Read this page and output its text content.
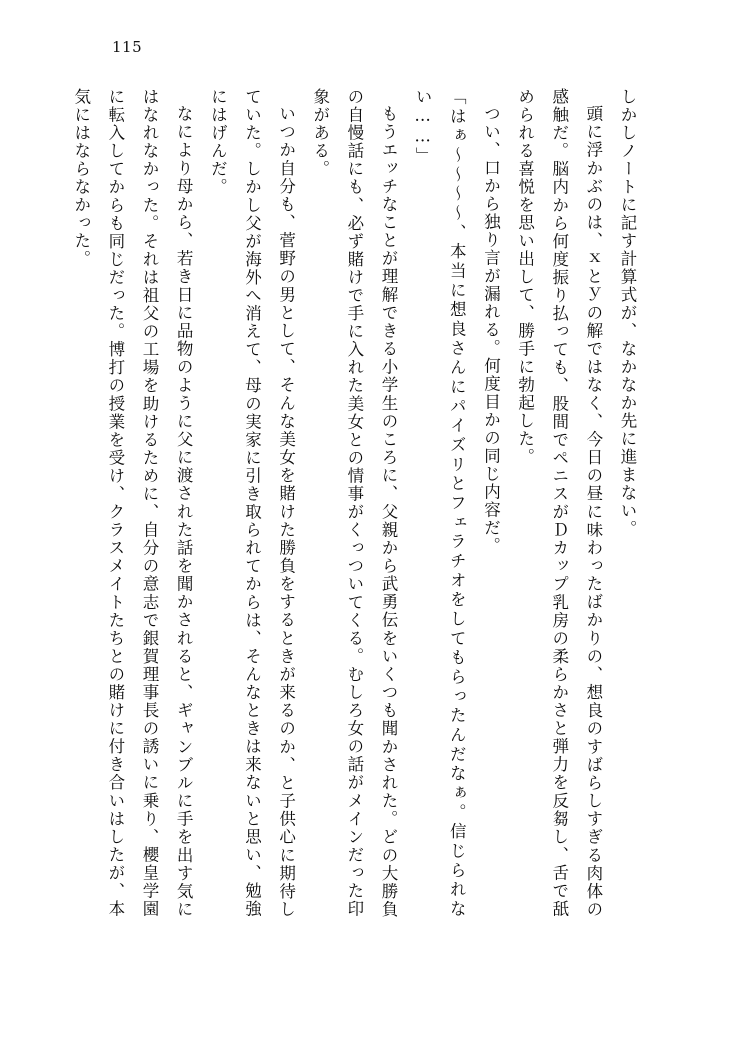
115

しかしノートに記す計算式が、なかなか先に進まない。

頭に浮かぶのは、ｘとｙの解ではなく、今日の昼に味わったばかりの、想良のすばらしすぎる肉体の感触だ。脳内から何度振り払っても、股間でペニスがＤカップ乳房の柔らかさと弾力を反芻し、舌で舐められる喜悦を思い出して、勝手に勃起した。

つい、口から独り言が漏れる。何度目かの同じ内容だ。

「はぁ～～～～、本当に想良さんにパイズリとフェラチオをしてもらったんだなぁ。信じられない……」

もうエッチなことが理解できる小学生のころに、父親から武勇伝をいくつも聞かされた。どの大勝負の自慢話にも、必ず賭けで手に入れた美女との情事がくっついてくる。むしろ女の話がメインだった印象がある。

いつか自分も、菅野の男として、そんな美女を賭けた勝負をするときが来るのか、と子供心に期待していた。しかし父が海外へ消えて、母の実家に引き取られてからは、そんなときは来ないと思い、勉強にはげんだ。

なにより母から、若き日に品物のように父に渡された話を聞かされると、ギャンブルに手を出す気にはなれなかった。それは祖父の工場を助けるために、自分の意志で銀賀理事長の誘いに乗り、櫻皇学園に転入してからも同じだった。博打の授業を受け、クラスメイトたちとの賭けに付き合いはしたが、本気にはならなかった。
